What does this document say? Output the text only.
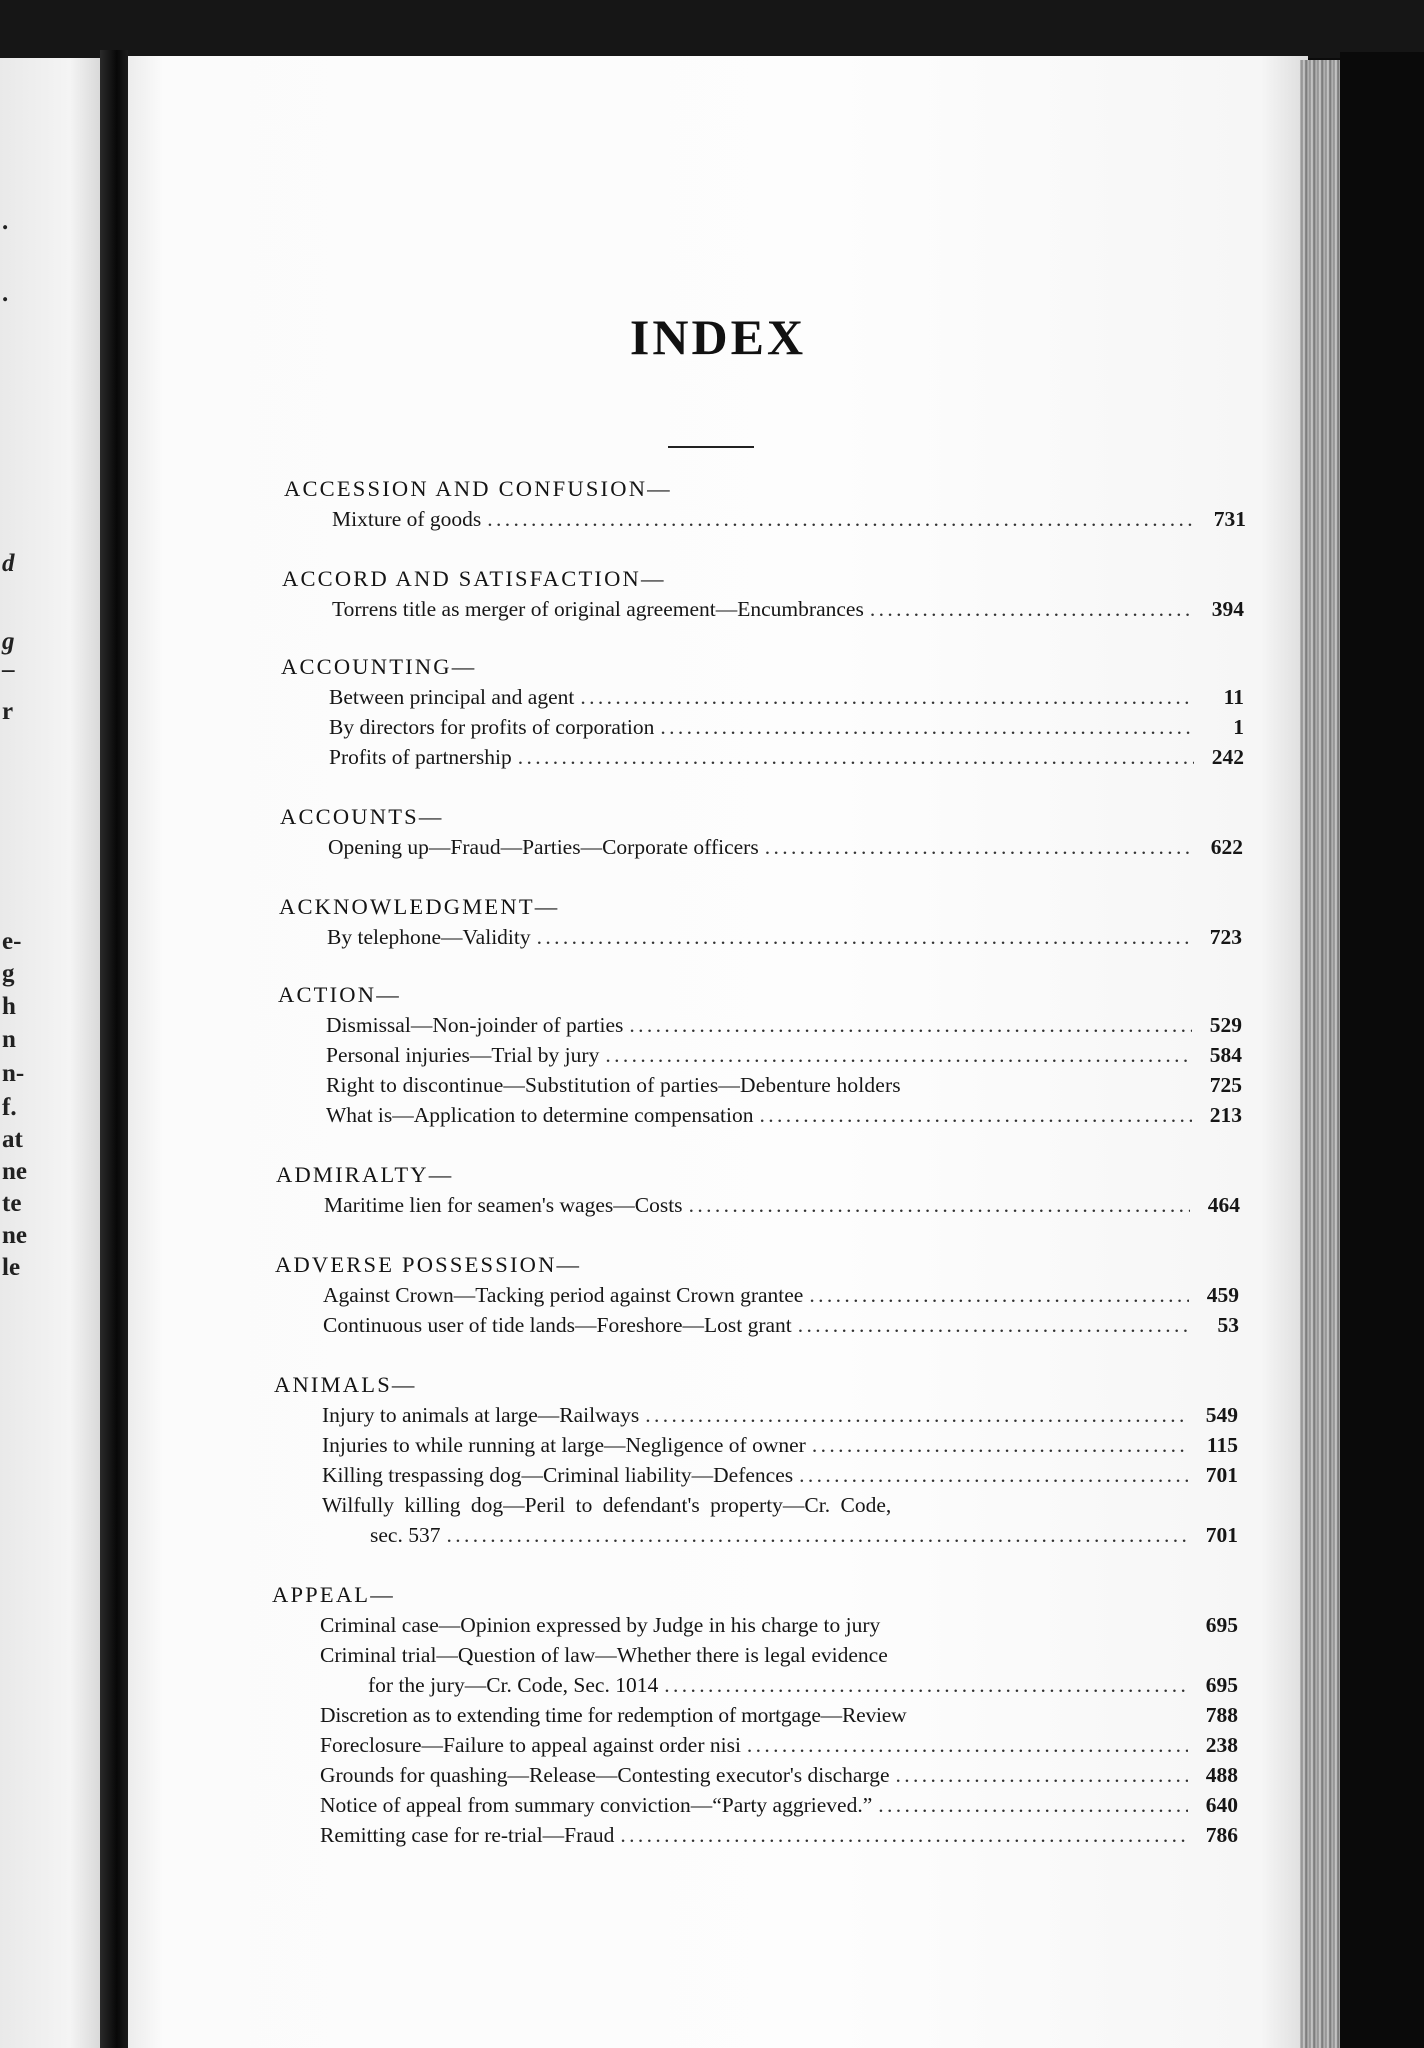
.
.
d
g
–
r
e-
g
h
n
n-
f.
at
ne
te
ne
le
INDEX
ACCESSION AND CONFUSION—
Mixture of goods . . .	731
ACCORD AND SATISFACTION—
Torrens title as merger of original agreement—Encumbrances . . .	394
ACCOUNTING—
Between principal and agent . . .	11
By directors for profits of corporation . . .	1
Profits of partnership . . .	242
ACCOUNTS—
Opening up—Fraud—Parties—Corporate officers . . .	622
ACKNOWLEDGMENT—
By telephone—Validity . . .	723
ACTION—
Dismissal—Non-joinder of parties . . .	529
Personal injuries—Trial by jury . . .	584
Right to discontinue—Substitution of parties—Debenture holders	725
What is—Application to determine compensation . . .	213
ADMIRALTY—
Maritime lien for seamen's wages—Costs . . .	464
ADVERSE POSSESSION—
Against Crown—Tacking period against Crown grantee . . .	459
Continuous user of tide lands—Foreshore—Lost grant . . .	53
ANIMALS—
Injury to animals at large—Railways . . .	549
Injuries to while running at large—Negligence of owner . . .	115
Killing trespassing dog—Criminal liability—Defences . . .	701
Wilfully killing dog—Peril to defendant's property—Cr. Code,
sec. 537 . . .	701
APPEAL—
Criminal case—Opinion expressed by Judge in his charge to jury	695
Criminal trial—Question of law—Whether there is legal evidence
for the jury—Cr. Code, Sec. 1014 . . .	695
Discretion as to extending time for redemption of mortgage—Review	788
Foreclosure—Failure to appeal against order nisi . . .	238
Grounds for quashing—Release—Contesting executor's discharge . . .	488
Notice of appeal from summary conviction—“Party aggrieved.” . . .	640
Remitting case for re-trial—Fraud . . .	786
